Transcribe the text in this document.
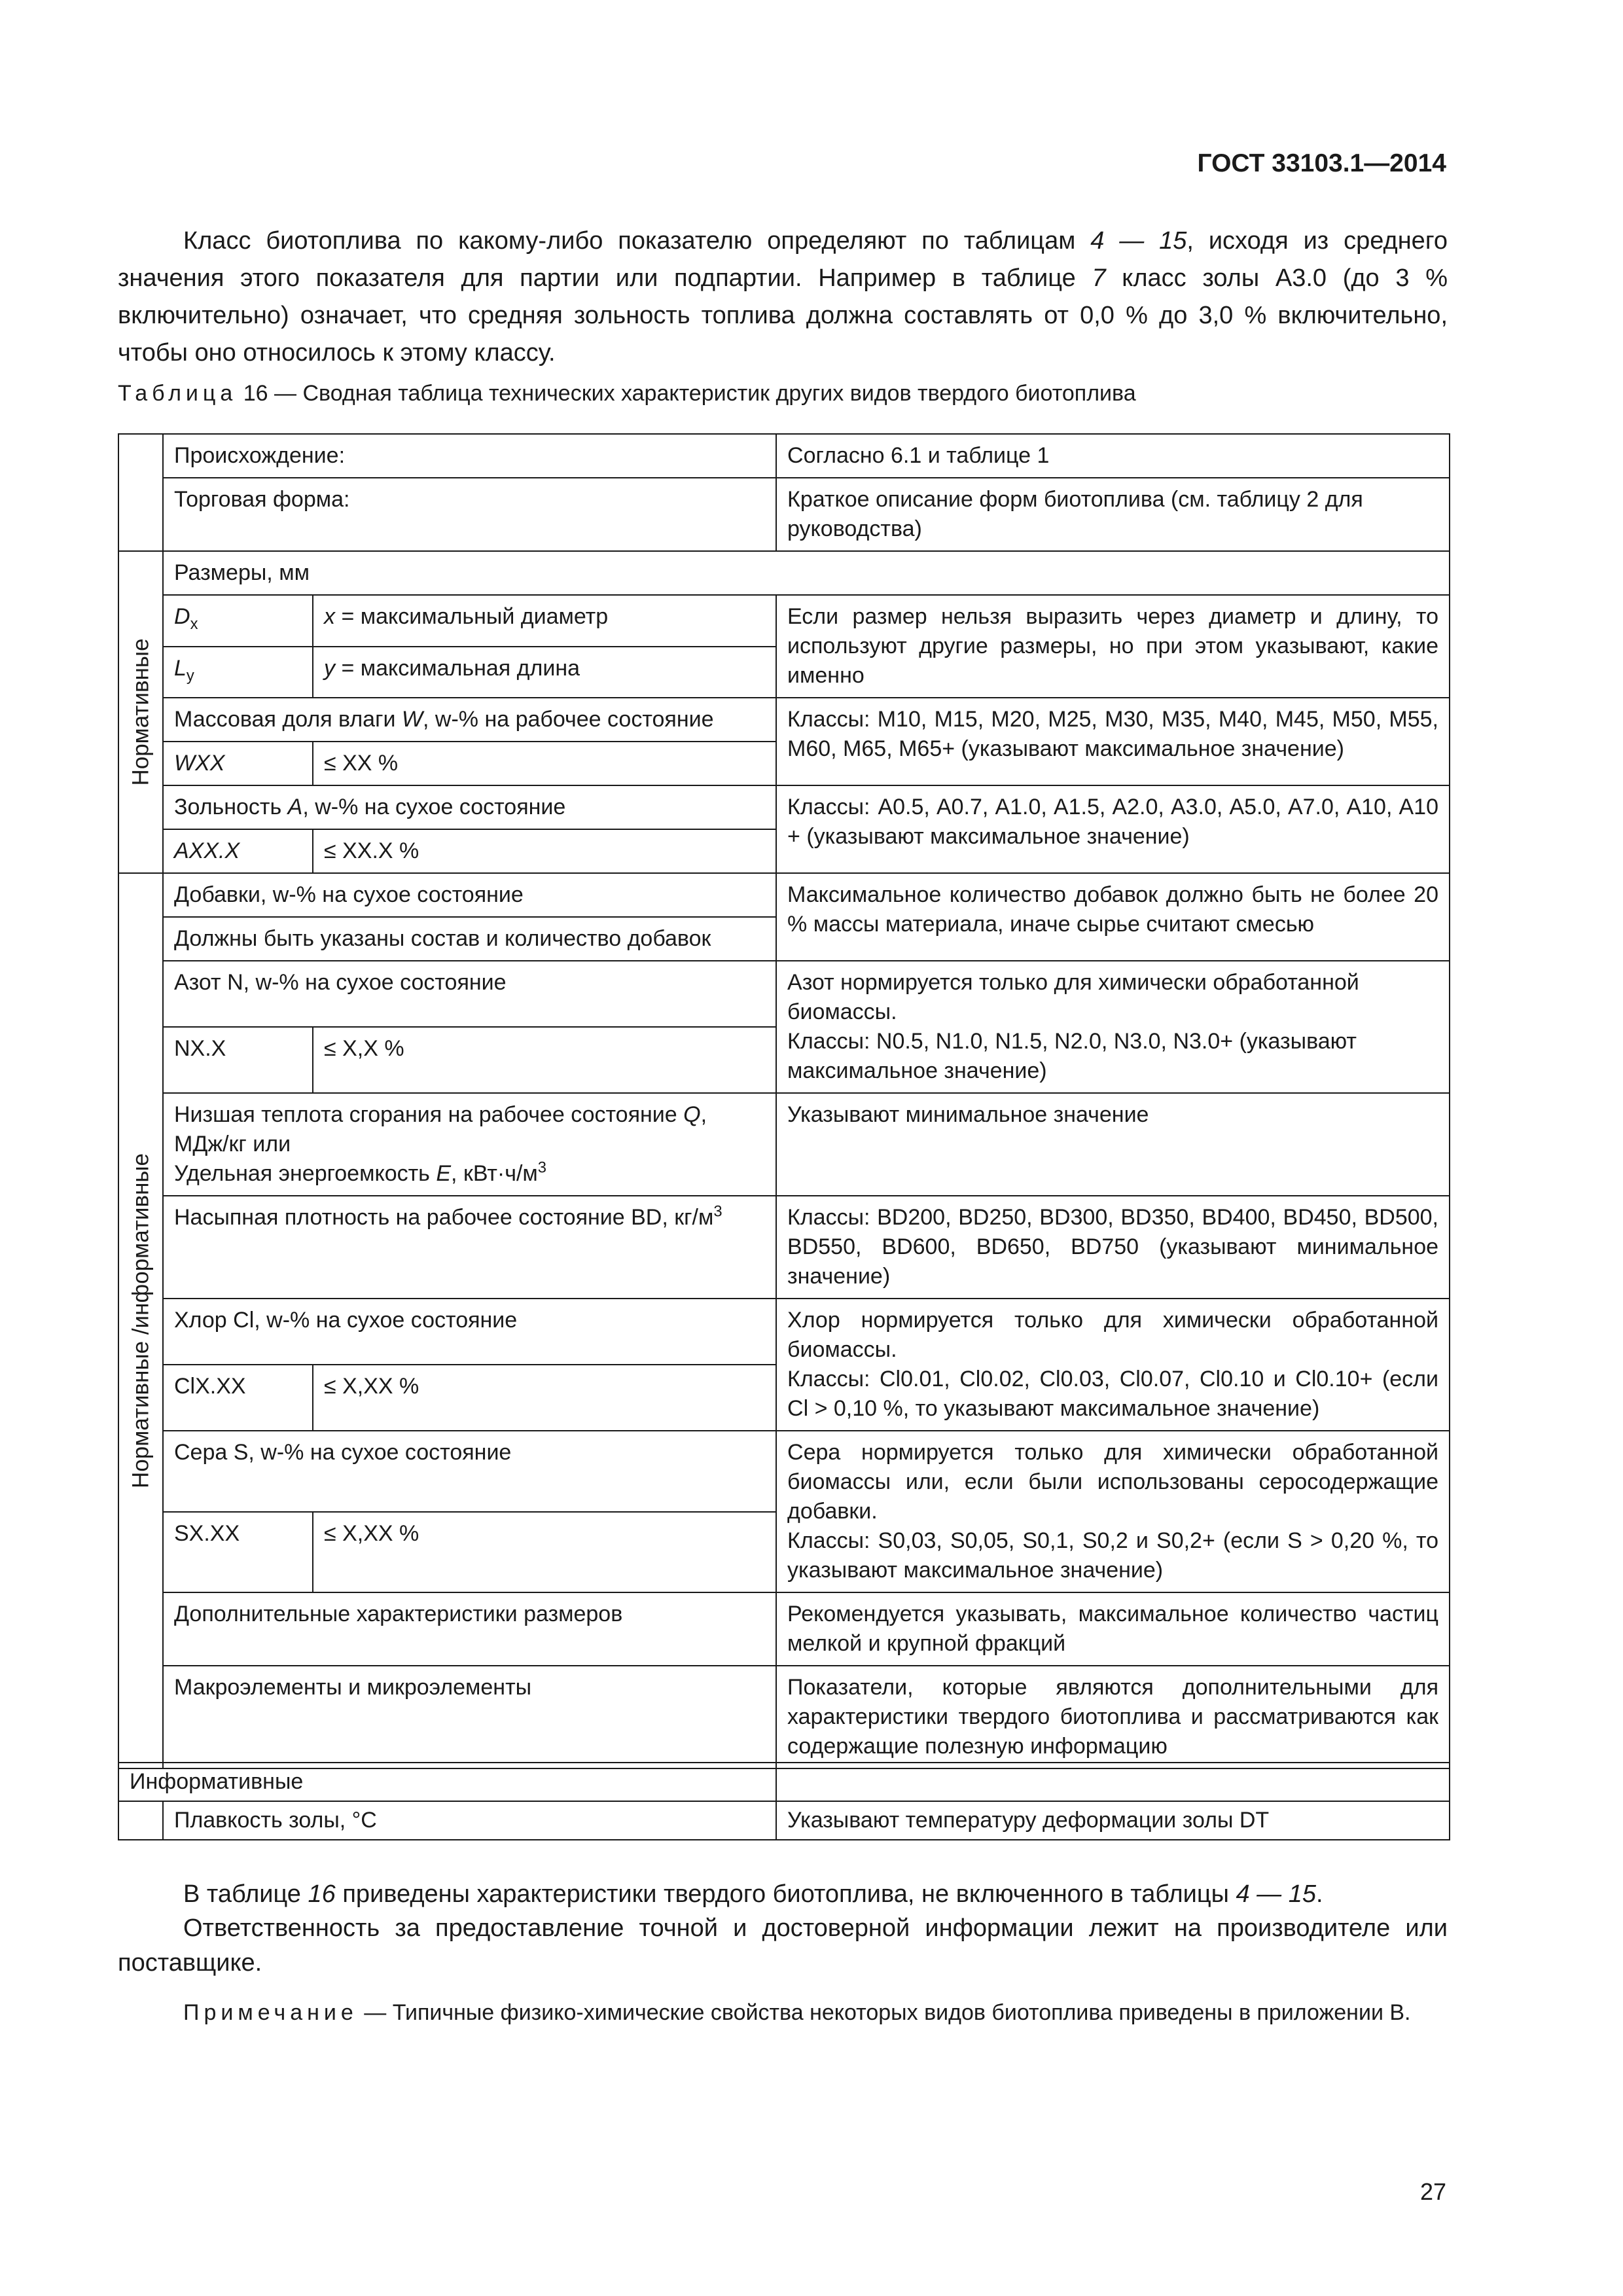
ГОСТ 33103.1—2014

Класс биотоплива по какому-либо показателю определяют по таблицам 4 — 15, исходя из среднего значения этого показателя для партии или подпартии. Например в таблице 7 класс золы А3.0 (до 3 % включительно) означает, что средняя зольность топлива должна составлять от 0,0 % до 3,0 % включительно, чтобы оно относилось к этому классу.

Таблица 16 — Сводная таблица технических характеристик других видов твердого биотоплива
	Происхождение:		Согласно 6.1 и таблице 1
	Торговая форма:		Краткое описание форм биотоплива (см. таблицу 2 для руководства)

Нормативные	Размеры, мм		
	$D_x$	x = максимальный диаметр	Если размер нельзя выразить через диаметр и длину, то используют другие размеры, но при этом указывают, какие именно
	$L_y$	y = максимальная длина	
	Массовая доля влаги W, w-% на рабочее состояние		Классы: M10, M15, M20, M25, M30, M35, M40, M45, M50, M55, M60, M65, M65+ (указывают максимальное значение)
	WXX	≤ XX %	
	Зольность A, w-% на сухое состояние		Классы: A0.5, A0.7, A1.0, A1.5, A2.0, A3.0, A5.0, A7.0, A10, A10 + (указывают максимальное значение)
	AXX.X	≤ XX.X %	

Нормативные /информативные	Добавки, w-% на сухое состояние		Максимальное количество добавок должно быть не более 20 % массы материала, иначе сырье считают смесью
	Должны быть указаны состав и количество добавок		
	Азот N, w-% на сухое состояние		Азот нормируется только для химически обработанной биомассы.
Классы: N0.5, N1.0, N1.5, N2.0, N3.0, N3.0+ (указывают максимальное значение)

	NX.X	≤ X,X %	
	Низшая теплота сгорания на рабочее состояние Q, МДж/кг или
Удельная энергоемкость E, $кВт\cdot ч/м^3$		Указывают минимальное значение
	Насыпная плотность на рабочее состояние BD, $кг/м^3$		Классы: BD200, BD250, BD300, BD350, BD400, BD450, BD500, BD550, BD600, BD650, BD750 (указывают минимальное значение)
	Хлор Cl, w-% на сухое состояние		Хлор нормируется только для химически обработанной биомассы.
Классы: Cl0.01, Cl0.02, Cl0.03, Cl0.07, Cl0.10 и Cl0.10+ (если Cl > 0,10 %, то указывают максимальное значение)

	ClX.XX	≤ X,XX %	
	Сера S, w-% на сухое состояние		Сера нормируется только для химически обработанной биомассы или, если были использованы серосодержащие добавки.
Классы: S0,03, S0,05, S0,1, S0,2 и S0,2+ (если S > 0,20 %, то указывают максимальное значение)

	SX.XX	≤ X,XX %	
	Дополнительные характеристики размеров		Рекомендуется указывать, максимальное количество частиц мелкой и крупной фракций
	Макроэлементы и микроэлементы		Показатели, которые являются дополнительными для характеристики твердого биотоплива и рассматриваются как содержащие полезную информацию
Информативные		
	Плавкость золы, °С	Указывают температуру деформации золы DT

В таблице 16 приведены характеристики твердого биотоплива, не включенного в таблицы 4 — 15.

Ответственность за предоставление точной и достоверной информации лежит на производителе или поставщике.

Примечание — Типичные физико-химические свойства некоторых видов биотоплива приведены в приложении В.

27
